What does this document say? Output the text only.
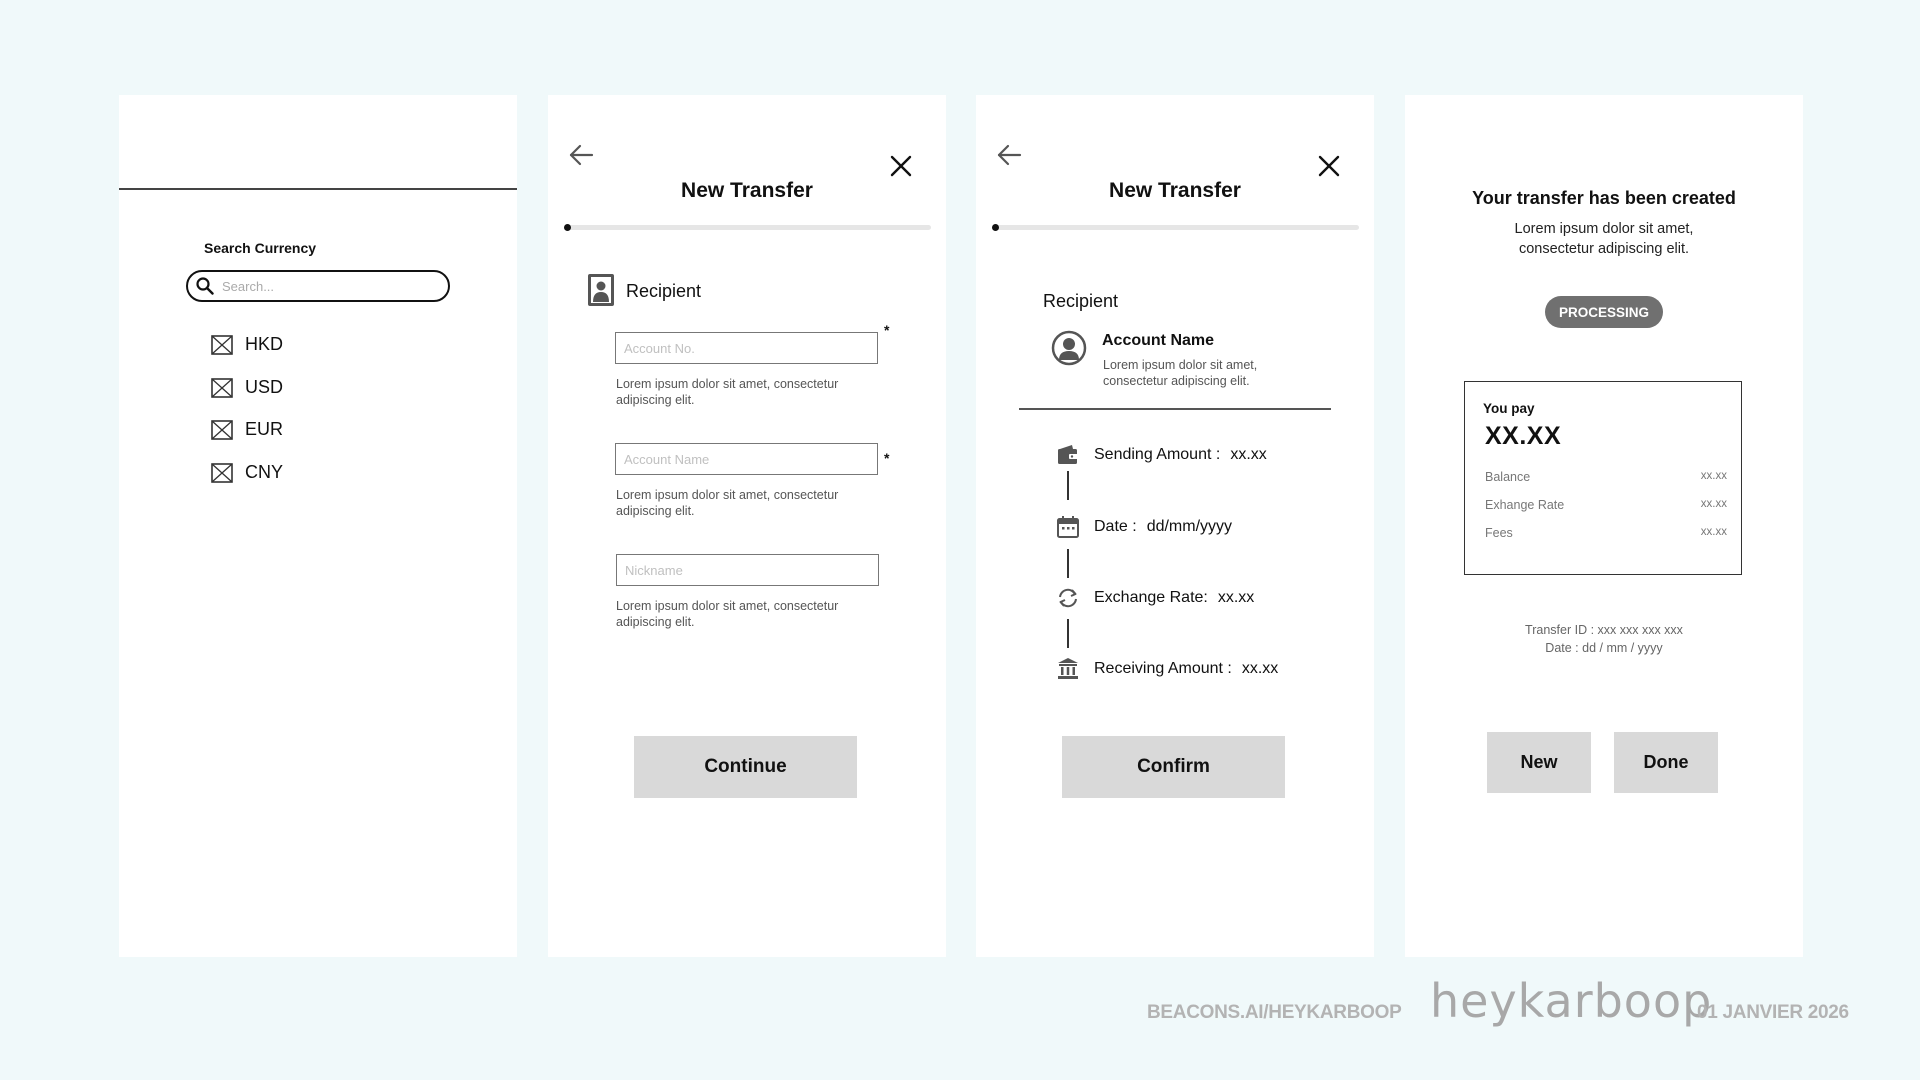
Search Currency
Search...
HKD
USD
EUR
CNY
New Transfer
Recipient
Account No.
*
Lorem ipsum dolor sit amet, consectetur adipiscing elit.
Account Name
*
Lorem ipsum dolor sit amet, consectetur adipiscing elit.
Nickname
Lorem ipsum dolor sit amet, consectetur adipiscing elit.
Continue
New Transfer
Recipient
Account Name
Lorem ipsum dolor sit amet, consectetur adipiscing elit.
Sending Amount : xx.xx
Date : dd/mm/yyyy
Exchange Rate: xx.xx
Receiving Amount : xx.xx
Confirm
Your transfer has been created
Lorem ipsum dolor sit amet,
consectetur adipiscing elit.
PROCESSING
You pay
XX.XX
Balance	xx.xx
Exhange Rate	xx.xx
Fees	xx.xx
Transfer ID : xxx xxx xxx xxx
Date : dd / mm / yyyy
New	Done
BEACONS.AI/HEYKARBOOP heykarboop
01 JANVIER 2026
